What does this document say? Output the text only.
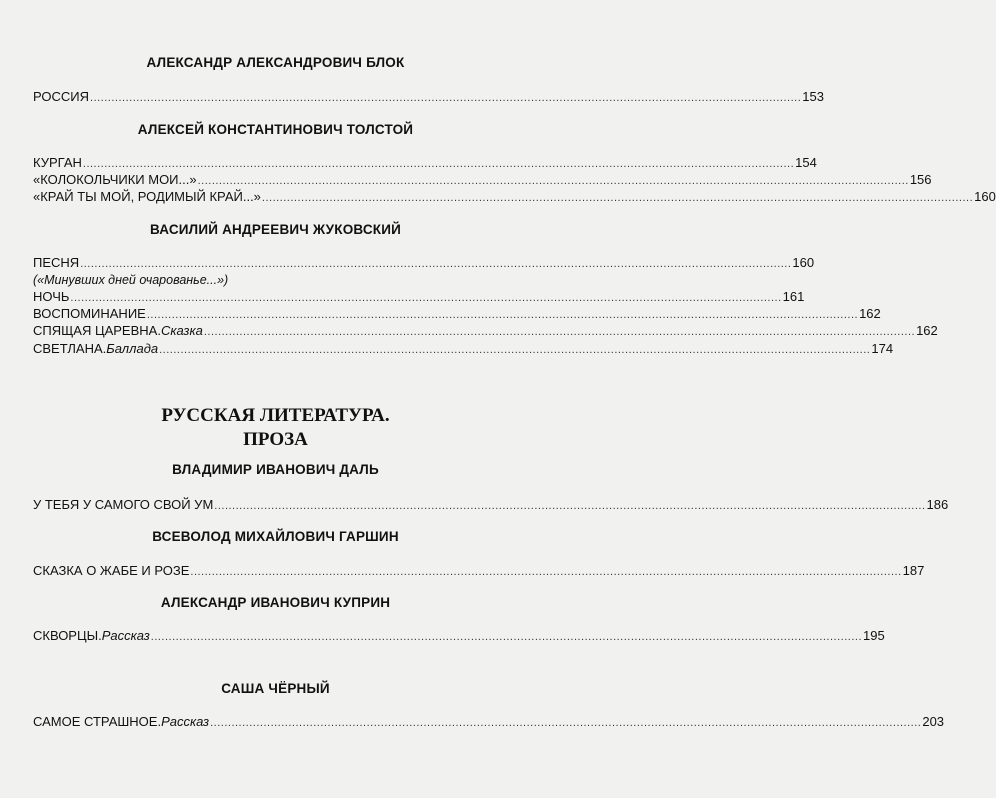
АЛЕКСАНДР АЛЕКСАНДРОВИЧ БЛОК
РОССИЯ ........................................................................................................................................................................................................ 153
АЛЕКСЕЙ КОНСТАНТИНОВИЧ ТОЛСТОЙ
КУРГАН ........................................................................................................................................................................................................ 154
«КОЛОКОЛЬЧИКИ МОИ...» ........................................................................................................................................................................................................ 156
«КРАЙ ТЫ МОЙ, РОДИМЫЙ КРАЙ...» ........................................................................................................................................................................................................ 160
ВАСИЛИЙ АНДРЕЕВИЧ ЖУКОВСКИЙ
ПЕСНЯ ........................................................................................................................................................................................................ 160
(«Минувших дней очарованье...»)
НОЧЬ ........................................................................................................................................................................................................ 161
ВОСПОМИНАНИЕ ........................................................................................................................................................................................................ 162
СПЯЩАЯ ЦАРЕВНА. Сказка ........................................................................................................................................................................................................ 162
СВЕТЛАНА. Баллада ........................................................................................................................................................................................................ 174
РУССКАЯ ЛИТЕРАТУРА.
ПРОЗА
ВЛАДИМИР ИВАНОВИЧ ДАЛЬ
У ТЕБЯ У САМОГО СВОЙ УМ ........................................................................................................................................................................................................ 186
ВСЕВОЛОД МИХАЙЛОВИЧ ГАРШИН
СКАЗКА О ЖАБЕ И РОЗЕ ........................................................................................................................................................................................................ 187
АЛЕКСАНДР ИВАНОВИЧ КУПРИН
СКВОРЦЫ. Рассказ ........................................................................................................................................................................................................ 195
САША ЧЁРНЫЙ
САМОЕ СТРАШНОЕ. Рассказ ........................................................................................................................................................................................................ 203
